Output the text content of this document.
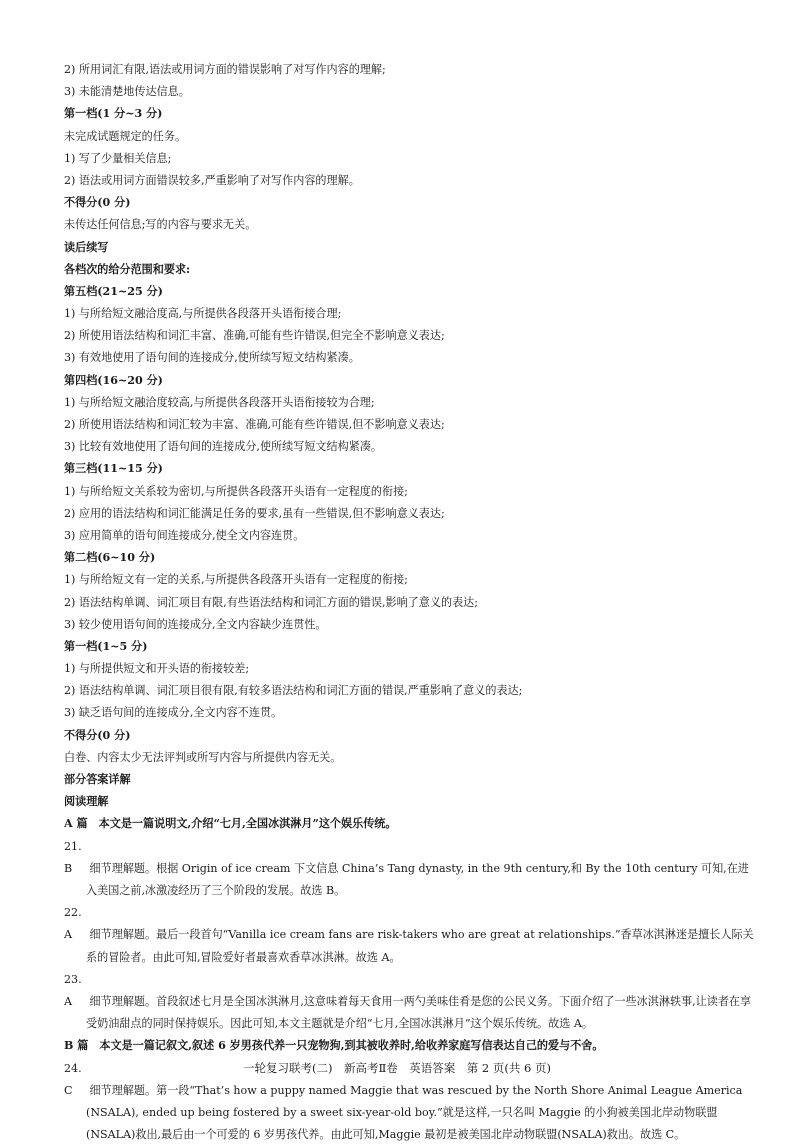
2) 所用词汇有限,语法或用词方面的错误影响了对写作内容的理解;
3) 未能清楚地传达信息。
第一档(1 分~3 分)
未完成试题规定的任务。
1) 写了少量相关信息;
2) 语法或用词方面错误较多,严重影响了对写作内容的理解。
不得分(0 分)
未传达任何信息;写的内容与要求无关。
读后续写
各档次的给分范围和要求:
第五档(21~25 分)
1) 与所给短文融洽度高,与所提供各段落开头语衔接合理;
2) 所使用语法结构和词汇丰富、准确,可能有些许错误,但完全不影响意义表达;
3) 有效地使用了语句间的连接成分,使所续写短文结构紧凑。
第四档(16~20 分)
1) 与所给短文融洽度较高,与所提供各段落开头语衔接较为合理;
2) 所使用语法结构和词汇较为丰富、准确,可能有些许错误,但不影响意义表达;
3) 比较有效地使用了语句间的连接成分,使所续写短文结构紧凑。
第三档(11~15 分)
1) 与所给短文关系较为密切,与所提供各段落开头语有一定程度的衔接;
2) 应用的语法结构和词汇能满足任务的要求,虽有一些错误,但不影响意义表达;
3) 应用简单的语句间连接成分,使全文内容连贯。
第二档(6~10 分)
1) 与所给短文有一定的关系,与所提供各段落开头语有一定程度的衔接;
2) 语法结构单调、词汇项目有限,有些语法结构和词汇方面的错误,影响了意义的表达;
3) 较少使用语句间的连接成分,全文内容缺少连贯性。
第一档(1~5 分)
1) 与所提供短文和开头语的衔接较差;
2) 语法结构单调、词汇项目很有限,有较多语法结构和词汇方面的错误,严重影响了意义的表达;
3) 缺乏语句间的连接成分,全文内容不连贯。
不得分(0 分)
白卷、内容太少无法评判或所写内容与所提供内容无关。
部分答案详解
阅读理解
A 篇　本文是一篇说明文,介绍“七月,全国冰淇淋月”这个娱乐传统。
21. B 细节理解题。根据 Origin of ice cream 下文信息 China’s Tang dynasty, in the 9th century,和 By the 10th century 可知,在进入美国之前,冰激凌经历了三个阶段的发展。故选 B。
22. A 细节理解题。最后一段首句“Vanilla ice cream fans are risk-takers who are great at relationships.”香草冰淇淋迷是擅长人际关系的冒险者。由此可知,冒险爱好者最喜欢香草冰淇淋。故选 A。
23. A 细节理解题。首段叙述七月是全国冰淇淋月,这意味着每天食用一两勺美味佳肴是您的公民义务。下面介绍了一些冰淇淋轶事,让读者在享受奶油甜点的同时保持娱乐。因此可知,本文主题就是介绍“七月,全国冰淇淋月”这个娱乐传统。故选 A。
B 篇　本文是一篇记叙文,叙述 6 岁男孩代养一只宠物狗,到其被收养时,给收养家庭写信表达自己的爱与不舍。
24. C 细节理解题。第一段“That’s how a puppy named Maggie that was rescued by the North Shore Animal League America (NSALA), ended up being fostered by a sweet six-year-old boy.”就是这样,一只名叫 Maggie 的小狗被美国北岸动物联盟(NSALA)救出,最后由一个可爱的 6 岁男孩代养。由此可知,Maggie 最初是被美国北岸动物联盟(NSALA)救出。故选 C。
一轮复习联考(二)　新高考Ⅱ卷　英语答案　第 2 页(共 6 页)
